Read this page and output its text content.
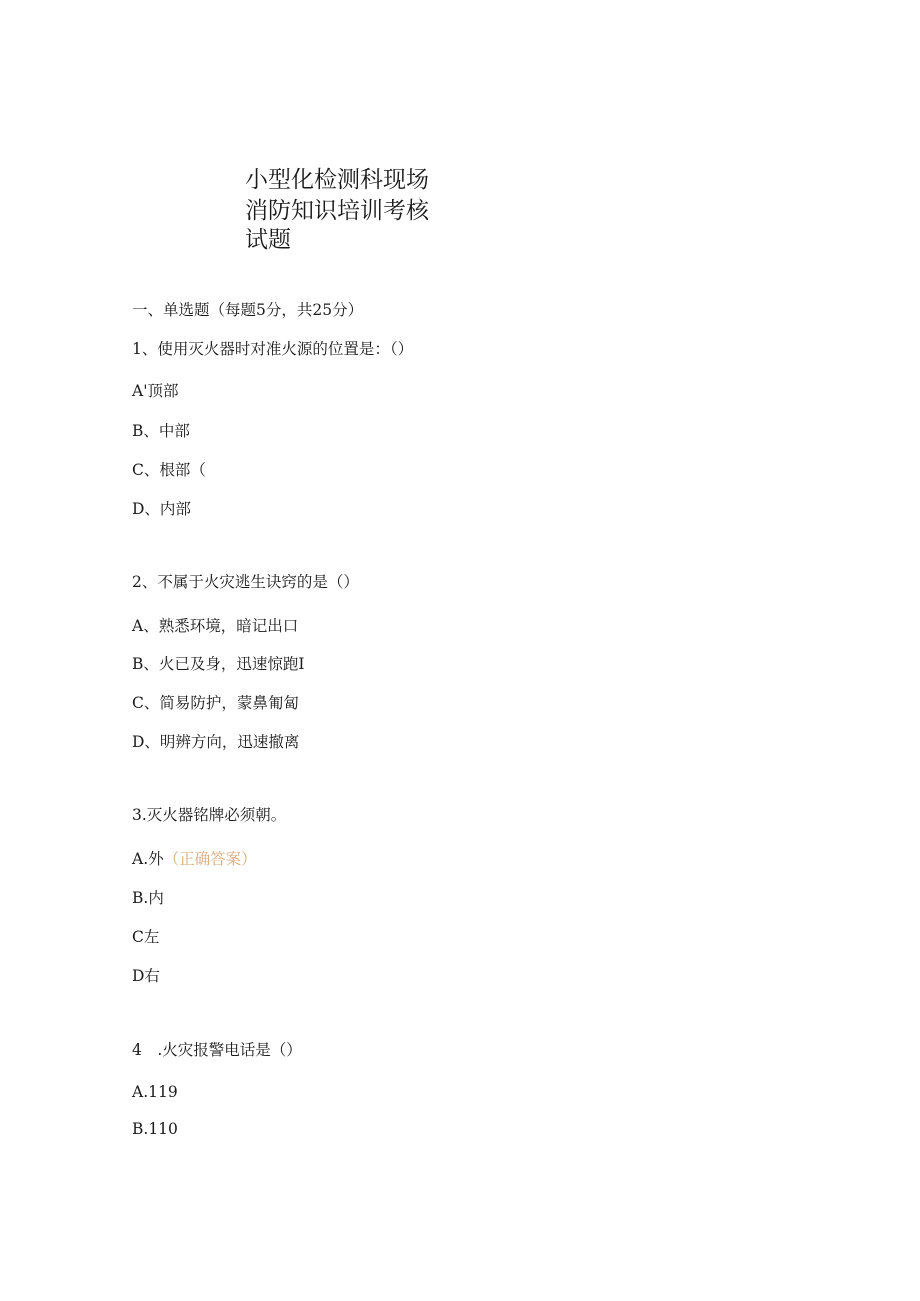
小型化检测科现场
消防知识培训考核
试题
一、单选题（每题5分，共25分）
1、使用灭火器时对准火源的位置是：（）
A'顶部
B、中部
C、根部（
D、内部
2、不属于火灾逃生诀窍的是（）
A、熟悉环境，暗记出口
B、火已及身，迅速惊跑I
C、简易防护，蒙鼻匍匐
D、明辨方向，迅速撤离
3.灭火器铭牌必须朝。
A.外（正确答案）
B.内
C左
D右
4　.火灾报警电话是（）
A.119
B.110
